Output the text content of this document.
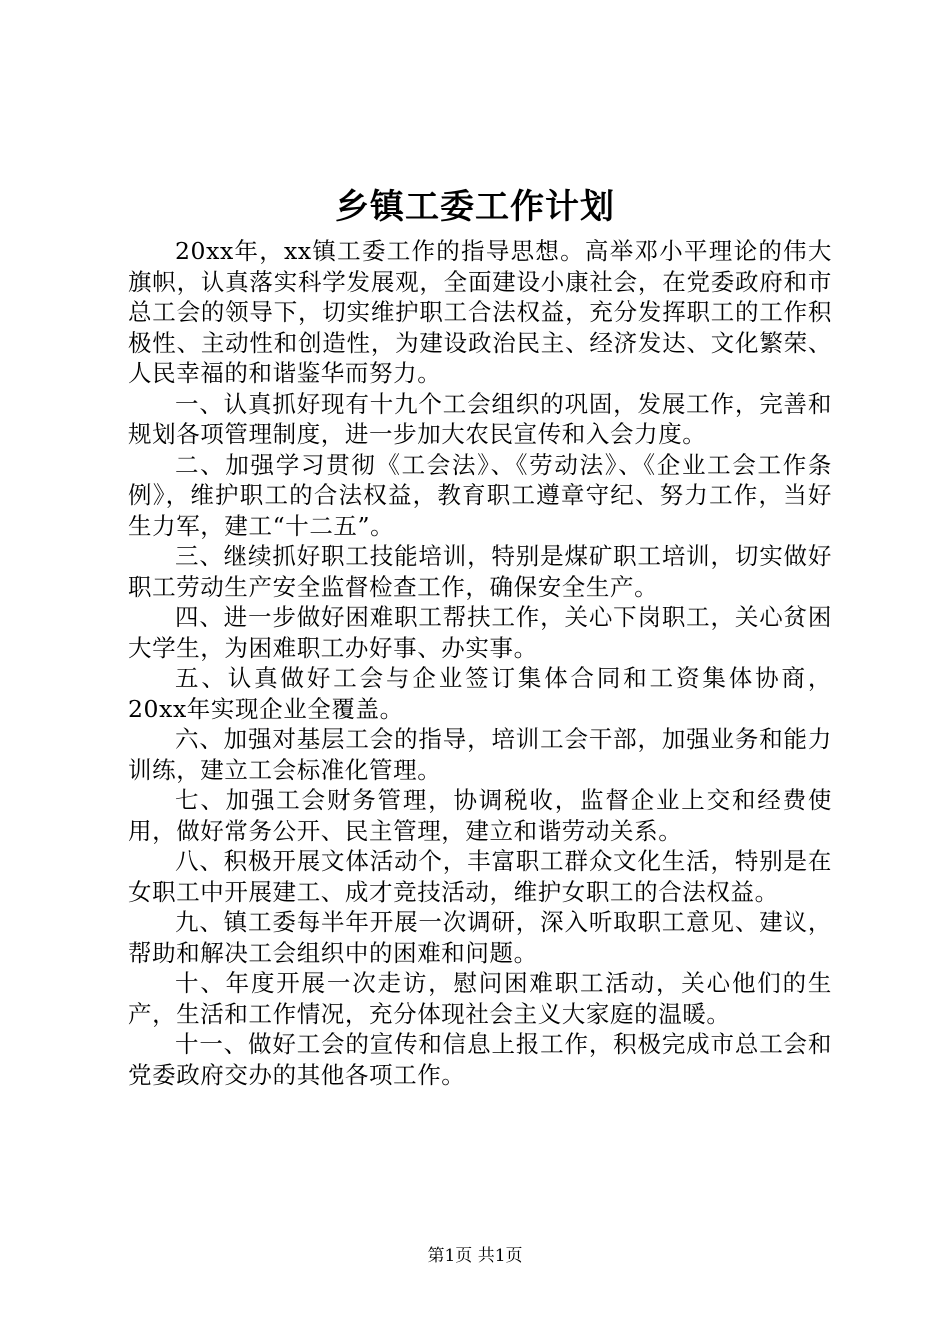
乡镇工委工作计划

20xx年，xx镇工委工作的指导思想。高举邓小平理论的伟大旗帜，认真落实科学发展观，全面建设小康社会，在党委政府和市总工会的领导下，切实维护职工合法权益，充分发挥职工的工作积极性、主动性和创造性，为建设政治民主、经济发达、文化繁荣、人民幸福的和谐鉴华而努力。

一、认真抓好现有十九个工会组织的巩固，发展工作，完善和规划各项管理制度，进一步加大农民宣传和入会力度。

二、加强学习贯彻《工会法》、《劳动法》、《企业工会工作条例》，维护职工的合法权益，教育职工遵章守纪、努力工作，当好生力军，建工“十二五”。

三、继续抓好职工技能培训，特别是煤矿职工培训，切实做好职工劳动生产安全监督检查工作，确保安全生产。

四、进一步做好困难职工帮扶工作，关心下岗职工，关心贫困大学生，为困难职工办好事、办实事。

五、认真做好工会与企业签订集体合同和工资集体协商，20xx年实现企业全覆盖。

六、加强对基层工会的指导，培训工会干部，加强业务和能力训练，建立工会标准化管理。

七、加强工会财务管理，协调税收，监督企业上交和经费使用，做好常务公开、民主管理，建立和谐劳动关系。

八、积极开展文体活动个，丰富职工群众文化生活，特别是在女职工中开展建工、成才竞技活动，维护女职工的合法权益。

九、镇工委每半年开展一次调研，深入听取职工意见、建议，帮助和解决工会组织中的困难和问题。

十、年度开展一次走访，慰问困难职工活动，关心他们的生产，生活和工作情况，充分体现社会主义大家庭的温暖。

十一、做好工会的宣传和信息上报工作，积极完成市总工会和党委政府交办的其他各项工作。

第1页 共1页
